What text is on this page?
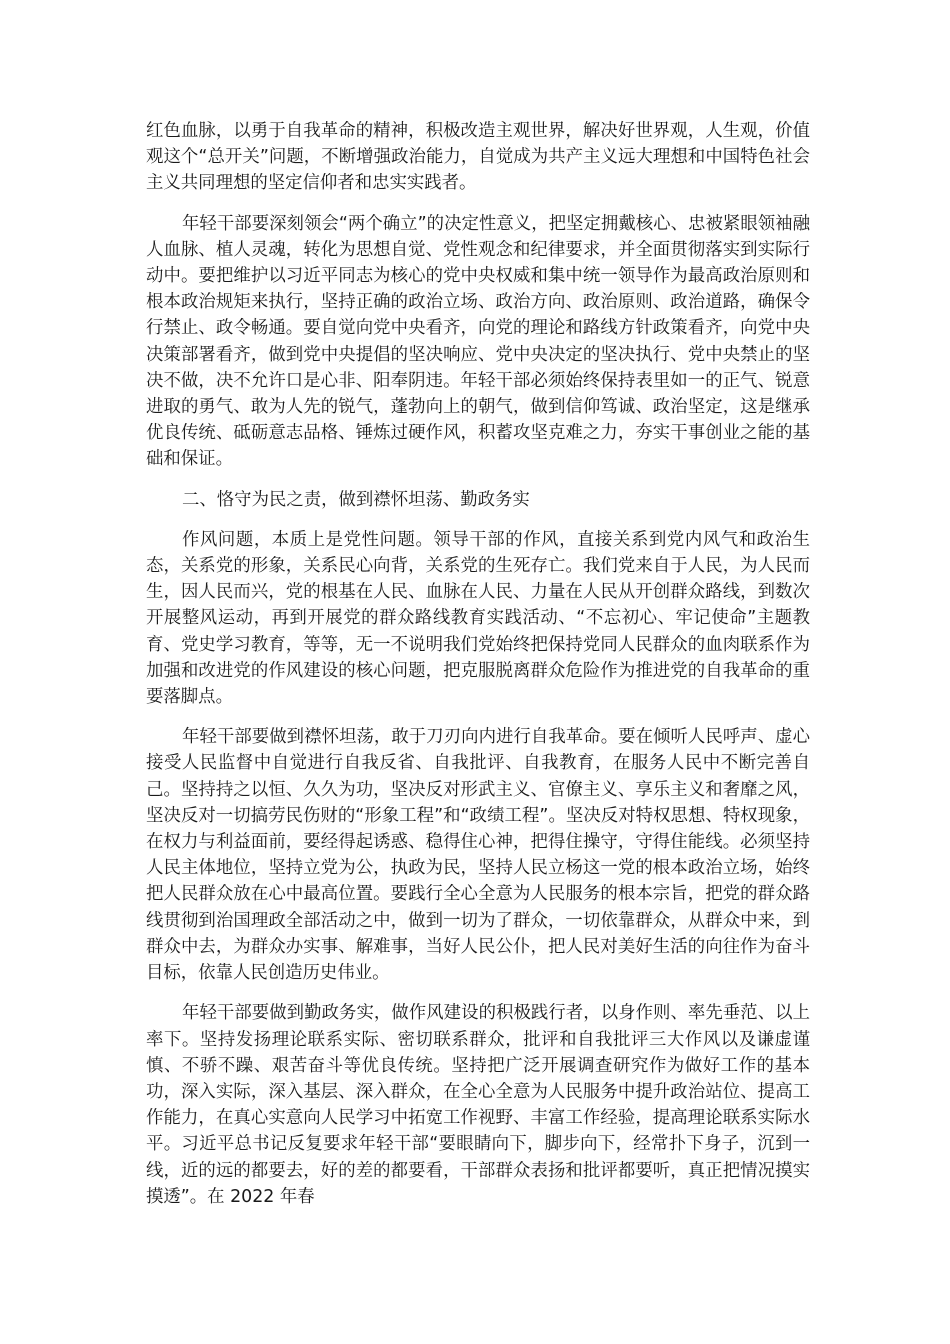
红色血脉，以勇于自我革命的精神，积极改造主观世界，解决好世界观，人生观，价值观这个“总开关”问题，不断增强政治能力，自觉成为共产主义远大理想和中国特色社会主义共同理想的坚定信仰者和忠实实践者。

年轻干部要深刻领会“两个确立”的决定性意义，把坚定拥戴核心、忠被紧眼领袖融人血脉、植人灵魂，转化为思想自觉、党性观念和纪律要求，并全面贯彻落实到实际行动中。要把维护以习近平同志为核心的党中央权威和集中统一领导作为最高政治原则和根本政治规矩来执行，坚持正确的政治立场、政治方向、政治原则、政治道路，确保令行禁止、政令畅通。要自觉向党中央看齐，向党的理论和路线方针政策看齐，向党中央决策部署看齐，做到党中央提倡的坚决响应、党中央决定的坚决执行、党中央禁止的坚决不做，决不允许口是心非、阳奉阴违。年轻干部必须始终保持表里如一的正气、锐意进取的勇气、敢为人先的锐气，蓬勃向上的朝气，做到信仰笃诚、政治坚定，这是继承优良传统、砥砺意志品格、锤炼过硬作风，积蓄攻坚克难之力，夯实干事创业之能的基础和保证。

二、恪守为民之责，做到襟怀坦荡、勤政务实

作风问题，本质上是党性问题。领导干部的作风，直接关系到党内风气和政治生态，关系党的形象，关系民心向背，关系党的生死存亡。我们党来自于人民，为人民而生，因人民而兴，党的根基在人民、血脉在人民、力量在人民从开创群众路线，到数次开展整风运动，再到开展党的群众路线教育实践活动、“不忘初心、牢记使命”主题教育、党史学习教育，等等，无一不说明我们党始终把保持党同人民群众的血肉联系作为加强和改进党的作风建设的核心问题，把克服脱离群众危险作为推进党的自我革命的重要落脚点。

年轻干部要做到襟怀坦荡，敢于刀刃向内进行自我革命。要在倾听人民呼声、虚心接受人民监督中自觉进行自我反省、自我批评、自我教育，在服务人民中不断完善自己。坚持持之以恒、久久为功，坚决反对形武主义、官僚主义、享乐主义和奢靡之风，坚决反对一切搞劳民伤财的“形象工程”和“政绩工程”。坚决反对特权思想、特权现象，在权力与利益面前，要经得起诱惑、稳得住心神，把得住操守，守得住能线。必须坚持人民主体地位，坚持立党为公，执政为民，坚持人民立杨这一党的根本政治立场，始终把人民群众放在心中最高位置。要践行全心全意为人民服务的根本宗旨，把党的群众路线贯彻到治国理政全部活动之中，做到一切为了群众，一切依靠群众，从群众中来，到群众中去，为群众办实事、解难事，当好人民公仆，把人民对美好生活的向往作为奋斗目标，依靠人民创造历史伟业。

年轻干部要做到勤政务实，做作风建设的积极践行者，以身作则、率先垂范、以上率下。坚持发扬理论联系实际、密切联系群众，批评和自我批评三大作风以及谦虚谨慎、不骄不躁、艰苦奋斗等优良传统。坚持把广泛开展调查研究作为做好工作的基本功，深入实际，深入基层、深入群众，在全心全意为人民服务中提升政治站位、提高工作能力，在真心实意向人民学习中拓宽工作视野、丰富工作经验，提高理论联系实际水平。习近平总书记反复要求年轻干部“要眼睛向下，脚步向下，经常扑下身子，沉到一线，近的远的都要去，好的差的都要看，干部群众表扬和批评都要听，真正把情况摸实摸透”。在 2022 年春
